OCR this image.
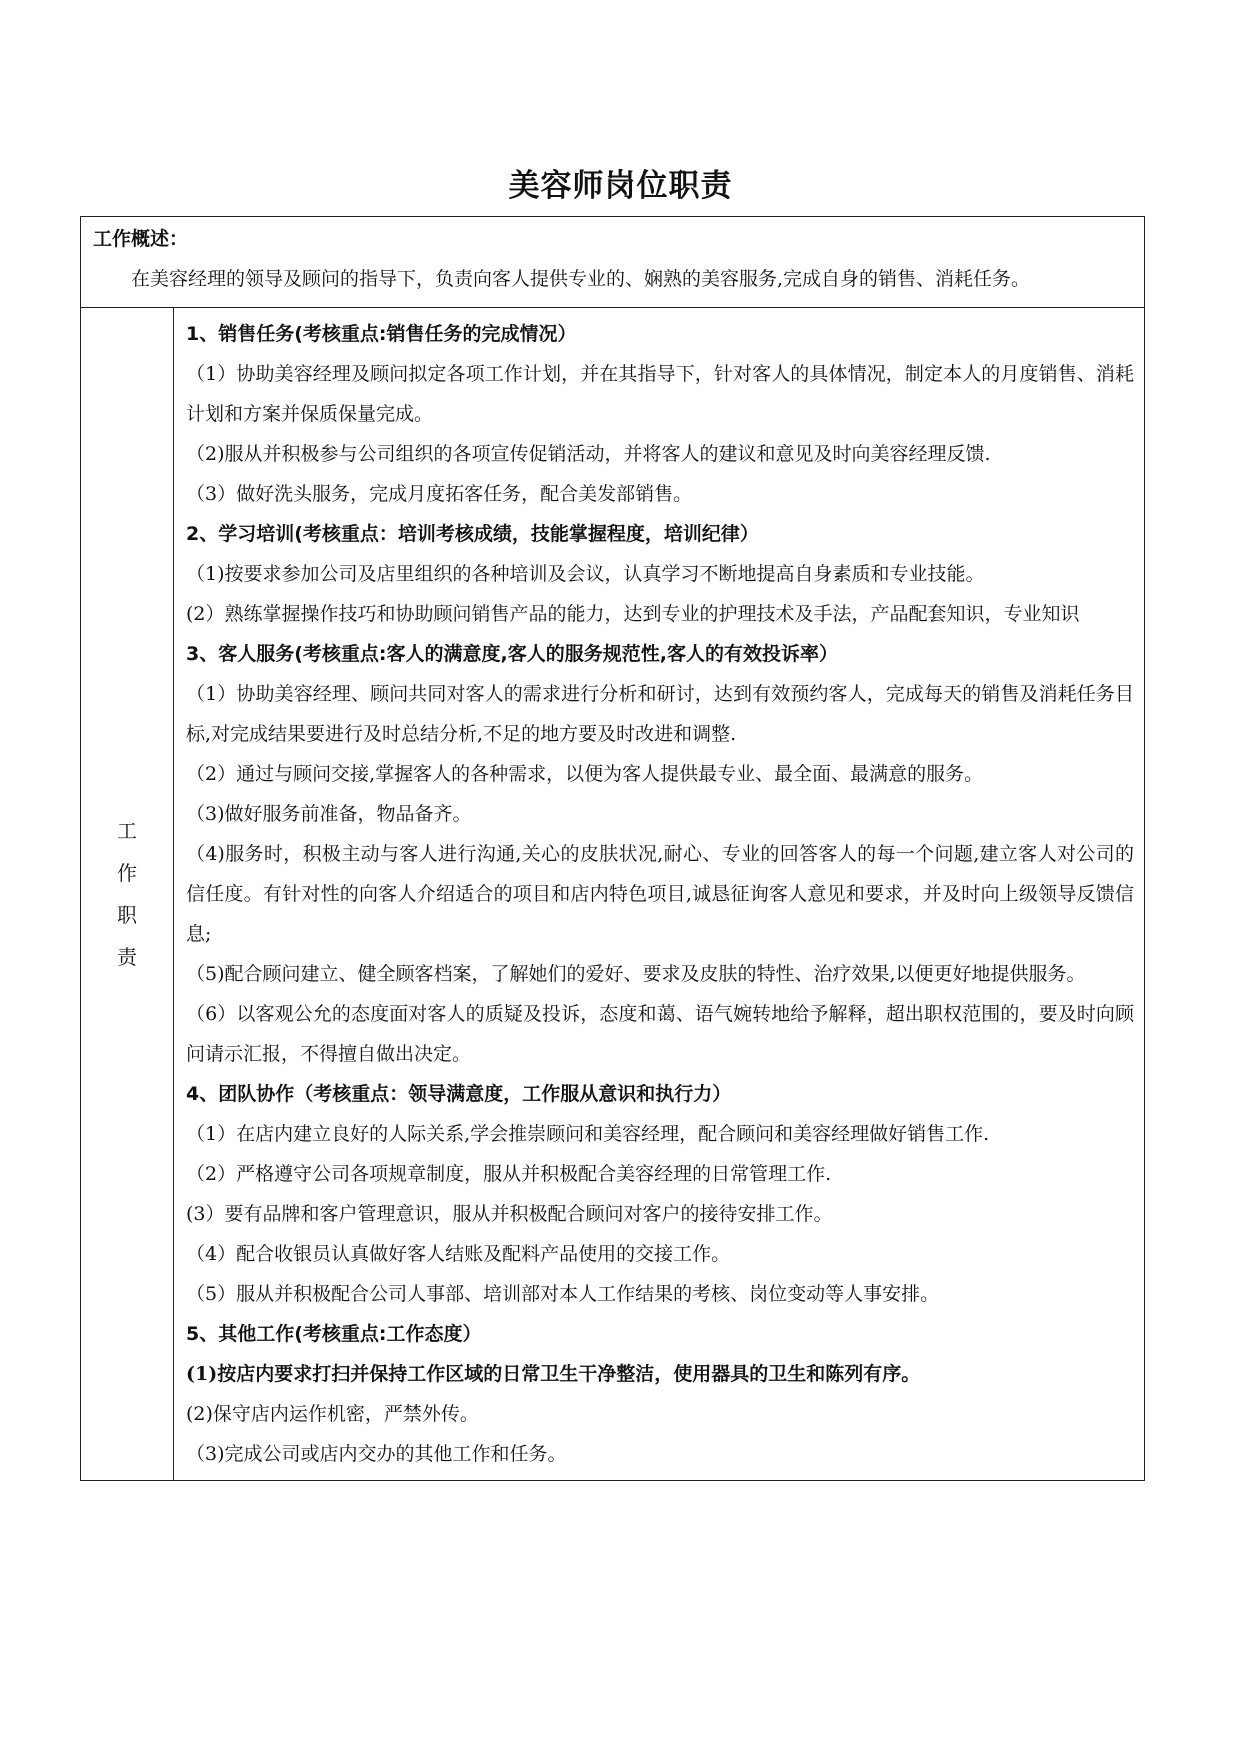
美容师岗位职责
工作概述：
在美容经理的领导及顾问的指导下，负责向客人提供专业的、娴熟的美容服务,完成自身的销售、消耗任务。

工
作
职
责

1、销售任务(考核重点:销售任务的完成情况）
（1）协助美容经理及顾问拟定各项工作计划，并在其指导下，针对客人的具体情况，制定本人的月度销售、消耗计划和方案并保质保量完成。
（2)服从并积极参与公司组织的各项宣传促销活动，并将客人的建议和意见及时向美容经理反馈.
（3）做好洗头服务，完成月度拓客任务，配合美发部销售。
2、学习培训(考核重点：培训考核成绩，技能掌握程度，培训纪律）
（1)按要求参加公司及店里组织的各种培训及会议，认真学习不断地提高自身素质和专业技能。
(2）熟练掌握操作技巧和协助顾问销售产品的能力，达到专业的护理技术及手法，产品配套知识，专业知识
3、客人服务(考核重点:客人的满意度,客人的服务规范性,客人的有效投诉率）
（1）协助美容经理、顾问共同对客人的需求进行分析和研讨，达到有效预约客人，完成每天的销售及消耗任务目标,对完成结果要进行及时总结分析,不足的地方要及时改进和调整.
（2）通过与顾问交接,掌握客人的各种需求，以便为客人提供最专业、最全面、最满意的服务。
（3)做好服务前准备，物品备齐。
（4)服务时，积极主动与客人进行沟通,关心的皮肤状况,耐心、专业的回答客人的每一个问题,建立客人对公司的信任度。有针对性的向客人介绍适合的项目和店内特色项目,诚恳征询客人意见和要求，并及时向上级领导反馈信息;
（5)配合顾问建立、健全顾客档案，了解她们的爱好、要求及皮肤的特性、治疗效果,以便更好地提供服务。
（6）以客观公允的态度面对客人的质疑及投诉，态度和蔼、语气婉转地给予解释，超出职权范围的，要及时向顾问请示汇报，不得擅自做出决定。
4、团队协作（考核重点：领导满意度，工作服从意识和执行力）
（1）在店内建立良好的人际关系,学会推崇顾问和美容经理，配合顾问和美容经理做好销售工作.
（2）严格遵守公司各项规章制度，服从并积极配合美容经理的日常管理工作.
(3）要有品牌和客户管理意识，服从并积极配合顾问对客户的接待安排工作。
（4）配合收银员认真做好客人结账及配料产品使用的交接工作。
（5）服从并积极配合公司人事部、培训部对本人工作结果的考核、岗位变动等人事安排。
5、其他工作(考核重点:工作态度）
(1)按店内要求打扫并保持工作区域的日常卫生干净整洁，使用器具的卫生和陈列有序。
(2)保守店内运作机密，严禁外传。
（3)完成公司或店内交办的其他工作和任务。
